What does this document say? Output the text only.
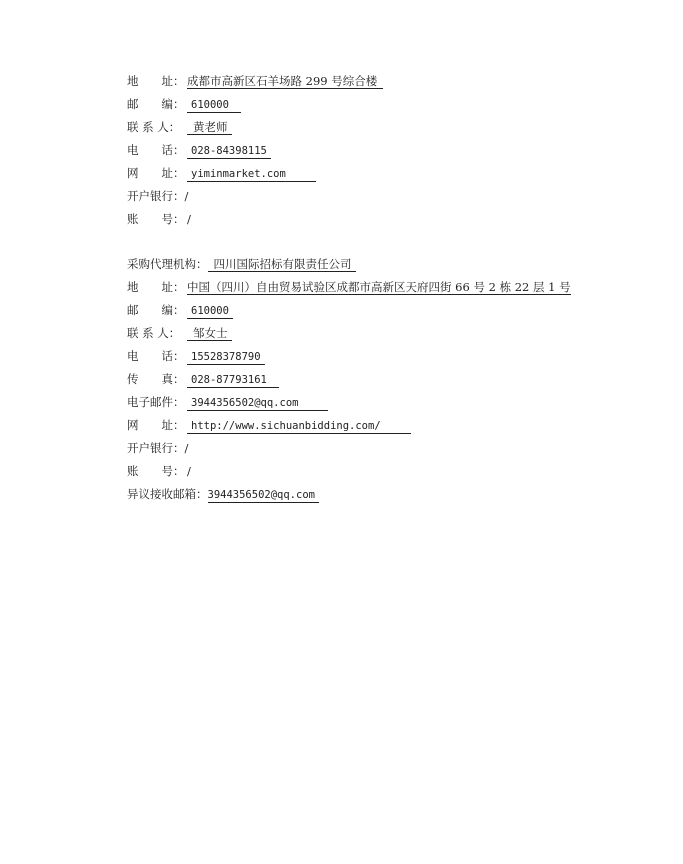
地　　址： 成都市高新区石羊场路 299 号综合楼
邮　　编： 610000
联 系 人： 黄老师
电　　话： 028-84398115
网　　址： yiminmarket.com
开户银行：/
账　　号： /
采购代理机构： 四川国际招标有限责任公司
地　　址： 中国（四川）自由贸易试验区成都市高新区天府四街 66 号 2 栋 22 层 1 号
邮　　编： 610000
联 系 人： 邹女士
电　　话： 15528378790
传　　真： 028-87793161
电子邮件： 3944356502@qq.com
网　　址： http://www.sichuanbidding.com/
开户银行：/
账　　号： /
异议接收邮箱：3944356502@qq.com
